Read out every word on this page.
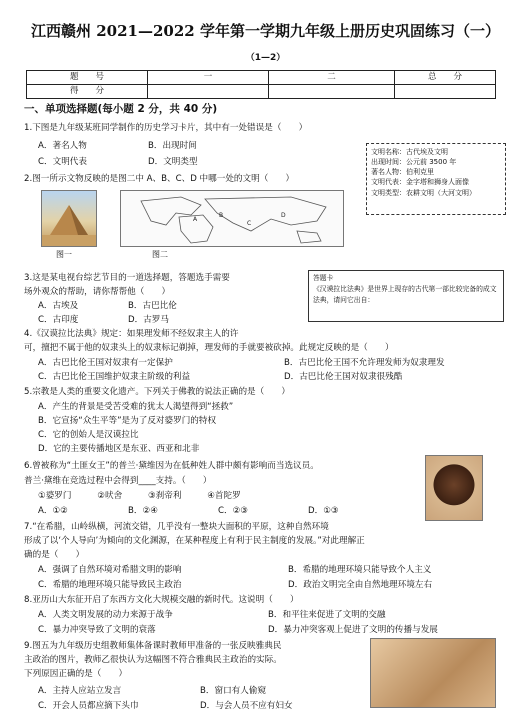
江西赣州 2021—2022 学年第一学期九年级上册历史巩固练习（一）
（1—2）
题　　号	一	二	总　　分
得　　分			
一、单项选择题(每小题 2 分，共 40 分)
1.下图是九年级某班同学制作的历史学习卡片，其中有一处错误是（　　）
A．著名人物	B．出现时间
C．文明代表	D．文明类型
文明名称：古代埃及文明
出现时间：公元前 3500 年
著名人物：伯利克里
文明代表：金字塔和狮身人面像
文明类型：农耕文明（大河文明）
2.图一所示文物反映的是图二中 A、B、C、D 中哪一处的文明（　　）
A
B
C
D
图一	图二
3.这是某电视台综艺节目的一道选择题，答题选手需要
场外观众的帮助，请你帮帮他（　　）
A．古埃及	B．古巴比伦
C．古印度	D．古罗马
答题卡
《汉谟拉比法典》是世界上现存的古代第一部比较完备的成文
法典，请问它出自：
4.《汉谟拉比法典》规定：如果理发师不经奴隶主人的许
可，擅把不属于他的奴隶头上的奴隶标记剃掉，理发师的手就要被砍掉。此规定反映的是（　　）
A．古巴比伦王国对奴隶有一定保护	B．古巴比伦王国不允许理发师为奴隶理发
C．古巴比伦王国维护奴隶主阶级的利益	D．古巴比伦王国对奴隶很残酷
5.宗教是人类的重要文化遗产。下列关于佛教的说法正确的是（　　）
A．产生的背景是受苦受难的犹太人渴望得到“拯救”
B．它宣扬“众生平等”是为了反对婆罗门的特权
C．它的创始人是汉谟拉比
D．它的主要传播地区是东亚、西亚和北非
6.曾被称为“土匪女王”的普兰·黛维因为在低种姓人群中颇有影响而当选议员。
普兰·黛维在竞选过程中会得到____支持。（　　）
①婆罗门　　　②吠舍　　　③刹帝利　　　④首陀罗
A．①②	B．②④	C．②③	D．①③
7.“在希腊，山岭纵横，河流交错，几乎没有一整块大面积的平原，这种自然环境
形成了以‘个人导向’为倾向的文化渊源，在某种程度上有利于民主制度的发展。”对此理解正
确的是（　　）
A．强调了自然环境对希腊文明的影响	B．希腊的地理环境只能导致个人主义
C．希腊的地理环境只能导致民主政治	D．政治文明完全由自然地理环境左右
8.亚历山大东征开启了东西方文化大规模交融的新时代。这说明（　　）
A．人类文明发展的动力来源于战争	B．和平往来促进了文明的交融
C．暴力冲突导致了文明的衰落	D．暴力冲突客观上促进了文明的传播与发展
9.图五为九年级历史组教师集体备课时教师甲准备的一张反映雅典民
主政治的图片，教师乙很快认为这幅图不符合雅典民主政治的实际。
下列原因正确的是（　　）
A．主持人应站立发言	B．窗口有人偷窥
C．开会人员都应摘下头巾	D．与会人员不应有妇女
